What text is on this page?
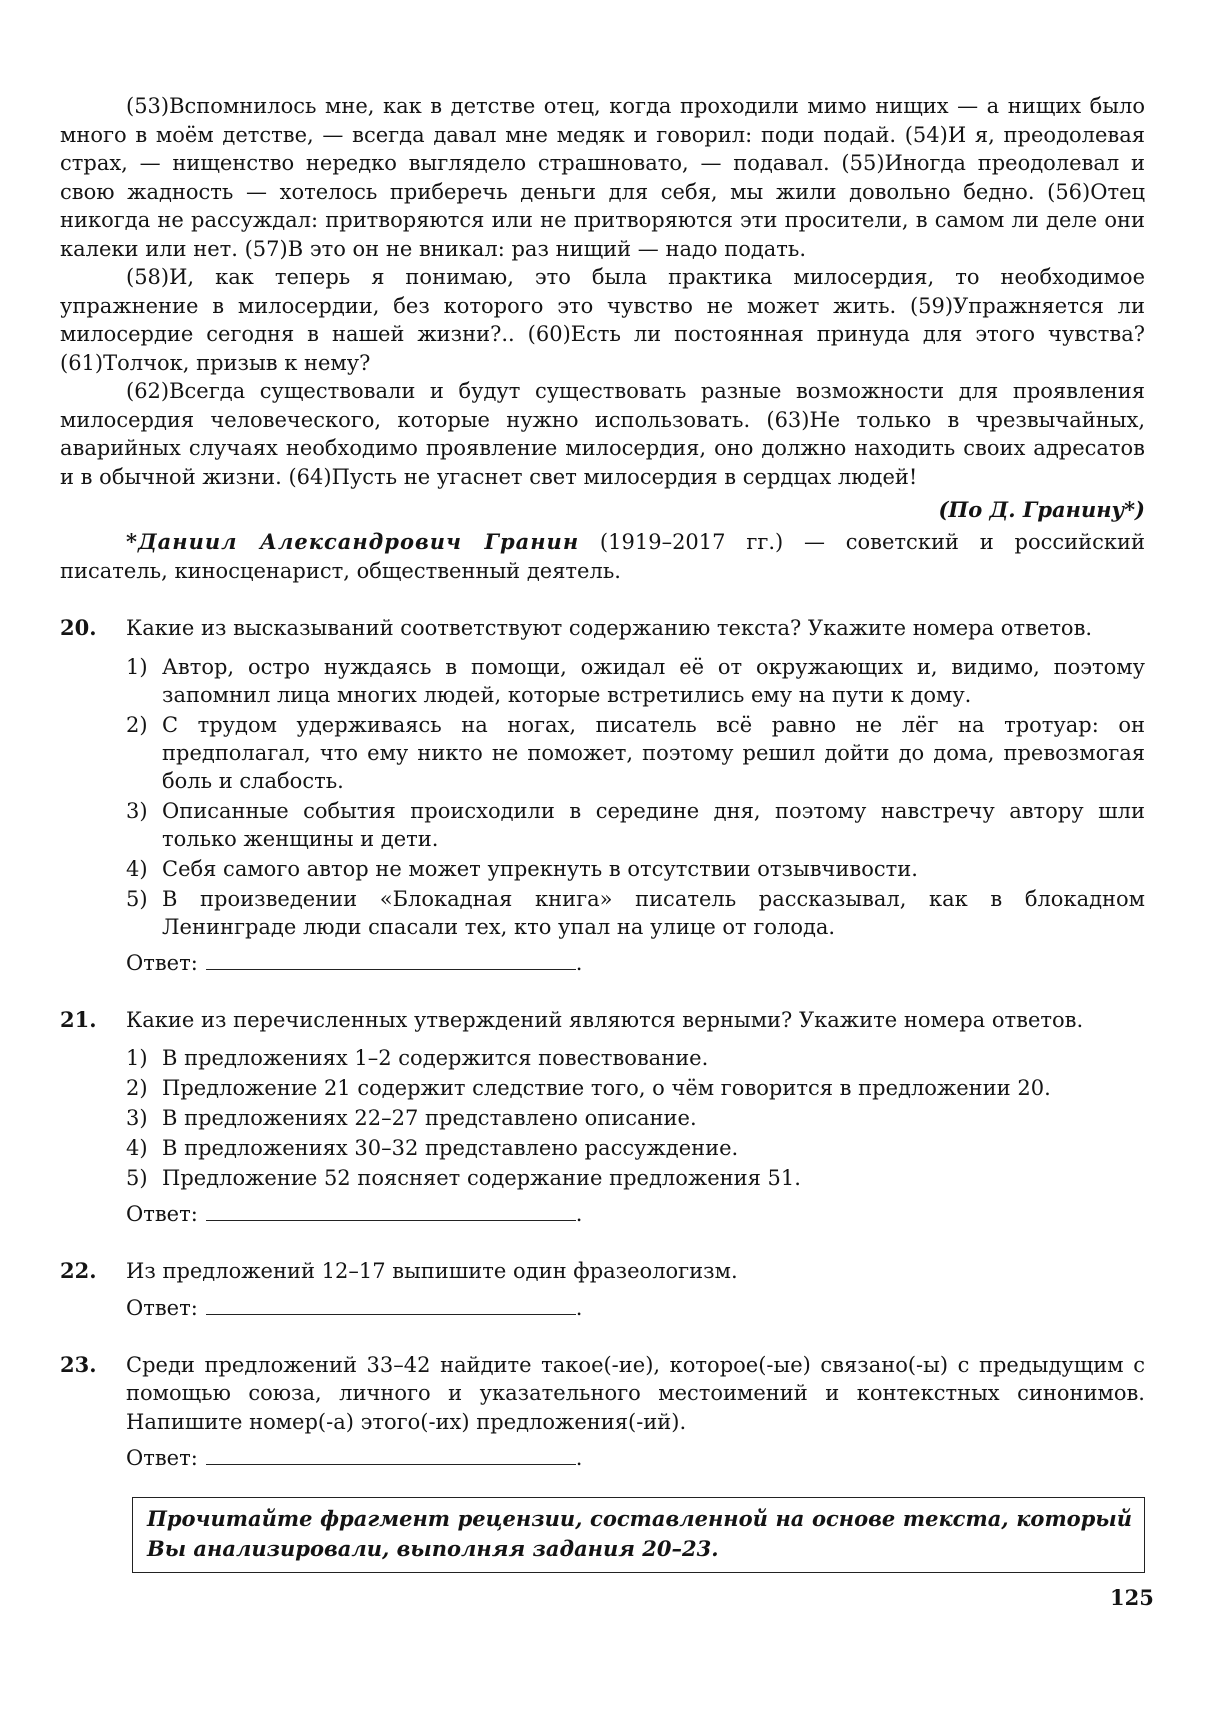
(53)Вспомнилось мне, как в детстве отец, когда проходили мимо нищих — а нищих было много в моём детстве, — всегда давал мне медяк и говорил: поди подай. (54)И я, преодолевая страх, — нищенство нередко выглядело страшновато, — подавал. (55)Иногда преодолевал и свою жадность — хотелось приберечь деньги для себя, мы жили довольно бедно. (56)Отец никогда не рассуждал: притворяются или не притворяются эти просители, в самом ли деле они калеки или нет. (57)В это он не вникал: раз нищий — надо подать.

(58)И, как теперь я понимаю, это была практика милосердия, то необходимое упражнение в милосердии, без которого это чувство не может жить. (59)Упражняется ли милосердие сегодня в нашей жизни?.. (60)Есть ли постоянная принуда для этого чувства? (61)Толчок, призыв к нему?

(62)Всегда существовали и будут существовать разные возможности для проявления милосердия человеческого, которые нужно использовать. (63)Не только в чрезвычайных, аварийных случаях необходимо проявление милосердия, оно должно находить своих адресатов и в обычной жизни. (64)Пусть не угаснет свет милосердия в сердцах людей!

(По Д. Гранину*)

*Даниил Александрович Гранин (1919–2017 гг.) — советский и российский писатель, киносценарист, общественный деятель.

20. Какие из высказываний соответствуют содержанию текста? Укажите номера ответов.
1) Автор, остро нуждаясь в помощи, ожидал её от окружающих и, видимо, поэтому запомнил лица многих людей, которые встретились ему на пути к дому.
2) С трудом удерживаясь на ногах, писатель всё равно не лёг на тротуар: он предполагал, что ему никто не поможет, поэтому решил дойти до дома, превозмогая боль и слабость.
3) Описанные события происходили в середине дня, поэтому навстречу автору шли только женщины и дети.
4) Себя самого автор не может упрекнуть в отсутствии отзывчивости.
5) В произведении «Блокадная книга» писатель рассказывал, как в блокадном Ленинграде люди спасали тех, кто упал на улице от голода.
Ответ:	.
21. Какие из перечисленных утверждений являются верными? Укажите номера ответов.
1) В предложениях 1–2 содержится повествование.
2) Предложение 21 содержит следствие того, о чём говорится в предложении 20.
3) В предложениях 22–27 представлено описание.
4) В предложениях 30–32 представлено рассуждение.
5) Предложение 52 поясняет содержание предложения 51.
Ответ:	.
22. Из предложений 12–17 выпишите один фразеологизм.
Ответ:	.
23. Среди предложений 33–42 найдите такое(-ие), которое(-ые) связано(-ы) с предыдущим с помощью союза, личного и указательного местоимений и контекстных синонимов. Напишите номер(-а) этого(-их) предложения(-ий).
Ответ:	.
Прочитайте фрагмент рецензии, составленной на основе текста, который Вы анализировали, выполняя задания 20–23.
125
